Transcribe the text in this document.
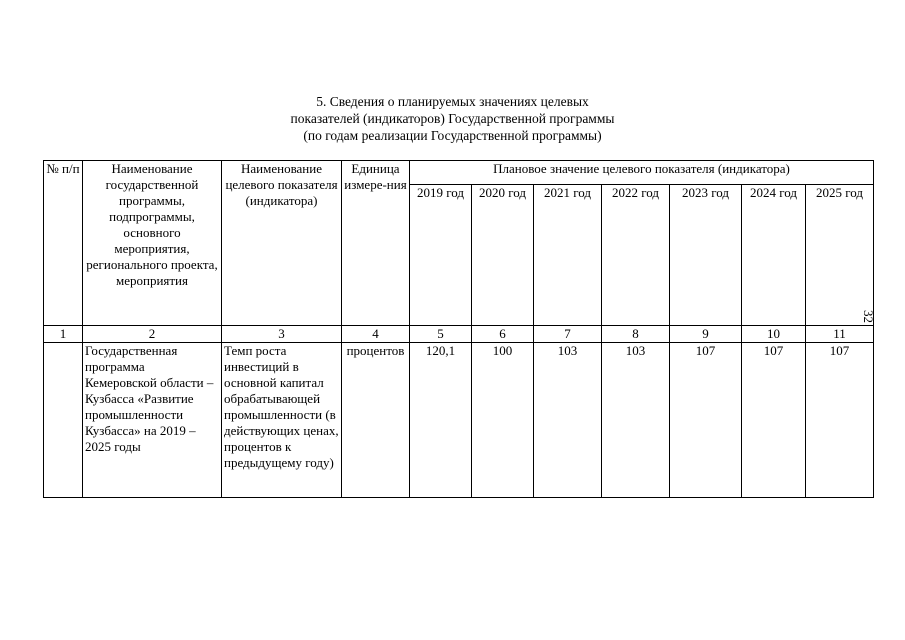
5. Сведения о планируемых значениях целевых
показателей (индикаторов) Государственной программы
(по годам реализации Государственной программы)
№ п/п	Наименование государственной программы, подпрограммы, основного мероприятия, регионального проекта, мероприятия	Наименование целевого показателя (индикатора)	Единица измере-ния	Плановое значение целевого показателя (индикатора)						
				2019 год	2020 год	2021 год	2022 год	2023 год	2024 год	2025 год
1	2	3	4	5	6	7	8	9	10	11
	Государственная программа Кемеровской области – Кузбасса «Развитие промышленности Кузбасса» на 2019 – 2025 годы	Темп роста инвестиций в основной капитал обрабатывающей промышленности (в действующих ценах, процентов к предыдущему году)	процентов	120,1	100	103	103	107	107	107
32
